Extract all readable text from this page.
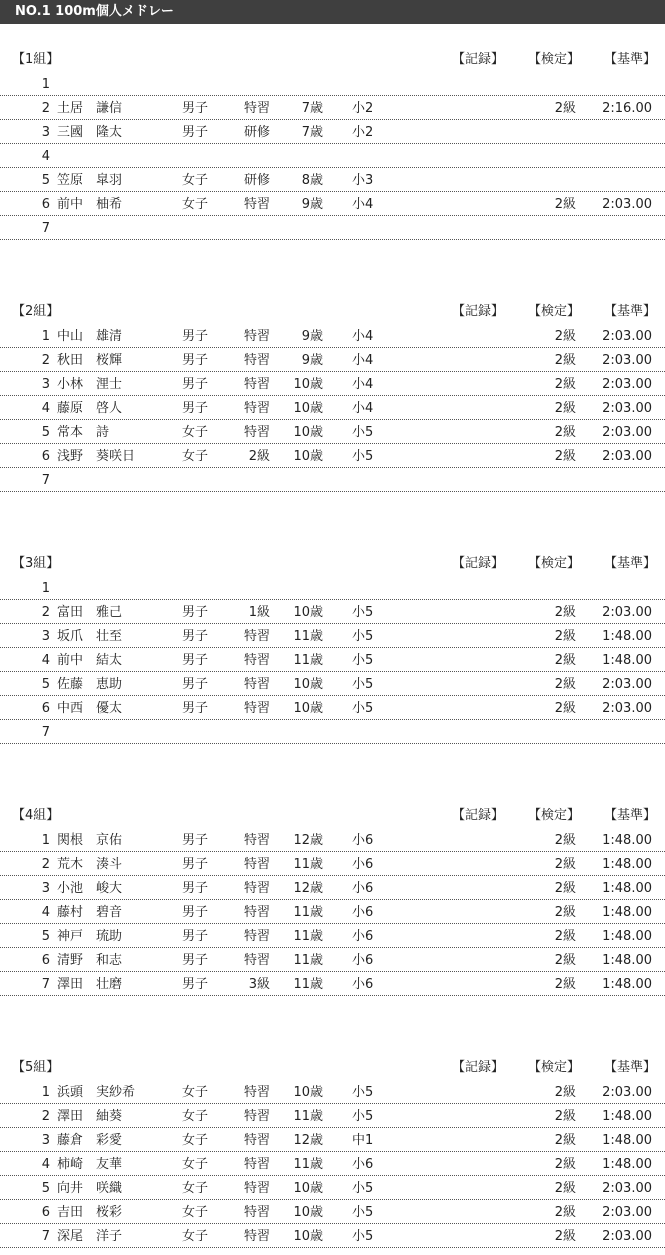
NO.1 100m個人メドレー
【1組】	【記録】 【検定】 【基準】
1
2 土居　謙信	男子	特習	7歳 小2	2級	2:16.00
3 三國　隆太	男子	研修	7歳 小2
4
5 笠原　皐羽	女子	研修	8歳 小3
6 前中　柚希	女子	特習	9歳 小4	2級	2:03.00
7
【2組】	【記録】 【検定】 【基準】
1 中山　雄清	男子	特習	9歳 小4	2級	2:03.00
2 秋田　桜輝	男子	特習	9歳 小4	2級	2:03.00
3 小林　浬士	男子	特習	10歳 小4	2級	2:03.00
4 藤原　啓人	男子	特習	10歳 小4	2級	2:03.00
5 常本　詩	女子	特習	10歳 小5	2級	2:03.00
6 浅野　葵咲日	女子	2級	10歳 小5	2級	2:03.00
7
【3組】	【記録】 【検定】 【基準】
1
2 富田　雅己	男子	1級	10歳 小5	2級	2:03.00
3 坂爪　壮至	男子	特習	11歳 小5	2級	1:48.00
4 前中　結太	男子	特習	11歳 小5	2級	1:48.00
5 佐藤　恵助	男子	特習	10歳 小5	2級	2:03.00
6 中西　優太	男子	特習	10歳 小5	2級	2:03.00
7
【4組】	【記録】 【検定】 【基準】
1 関根　京佑	男子	特習	12歳 小6	2級	1:48.00
2 荒木　湊斗	男子	特習	11歳 小6	2級	1:48.00
3 小池　峻大	男子	特習	12歳 小6	2級	1:48.00
4 藤村　碧音	男子	特習	11歳 小6	2級	1:48.00
5 神戸　琉助	男子	特習	11歳 小6	2級	1:48.00
6 清野　和志	男子	特習	11歳 小6	2級	1:48.00
7 澤田　壮磨	男子	3級	11歳 小6	2級	1:48.00
【5組】	【記録】 【検定】 【基準】
1 浜頭　実紗希	女子	特習	10歳 小5	2級	2:03.00
2 澤田　紬葵	女子	特習	11歳 小5	2級	1:48.00
3 藤倉　彩愛	女子	特習	12歳 中1	2級	1:48.00
4 柿崎　友華	女子	特習	11歳 小6	2級	1:48.00
5 向井　咲織	女子	特習	10歳 小5	2級	2:03.00
6 吉田　桜彩	女子	特習	10歳 小5	2級	2:03.00
7 深尾　洋子	女子	特習	10歳 小5	2級	2:03.00
